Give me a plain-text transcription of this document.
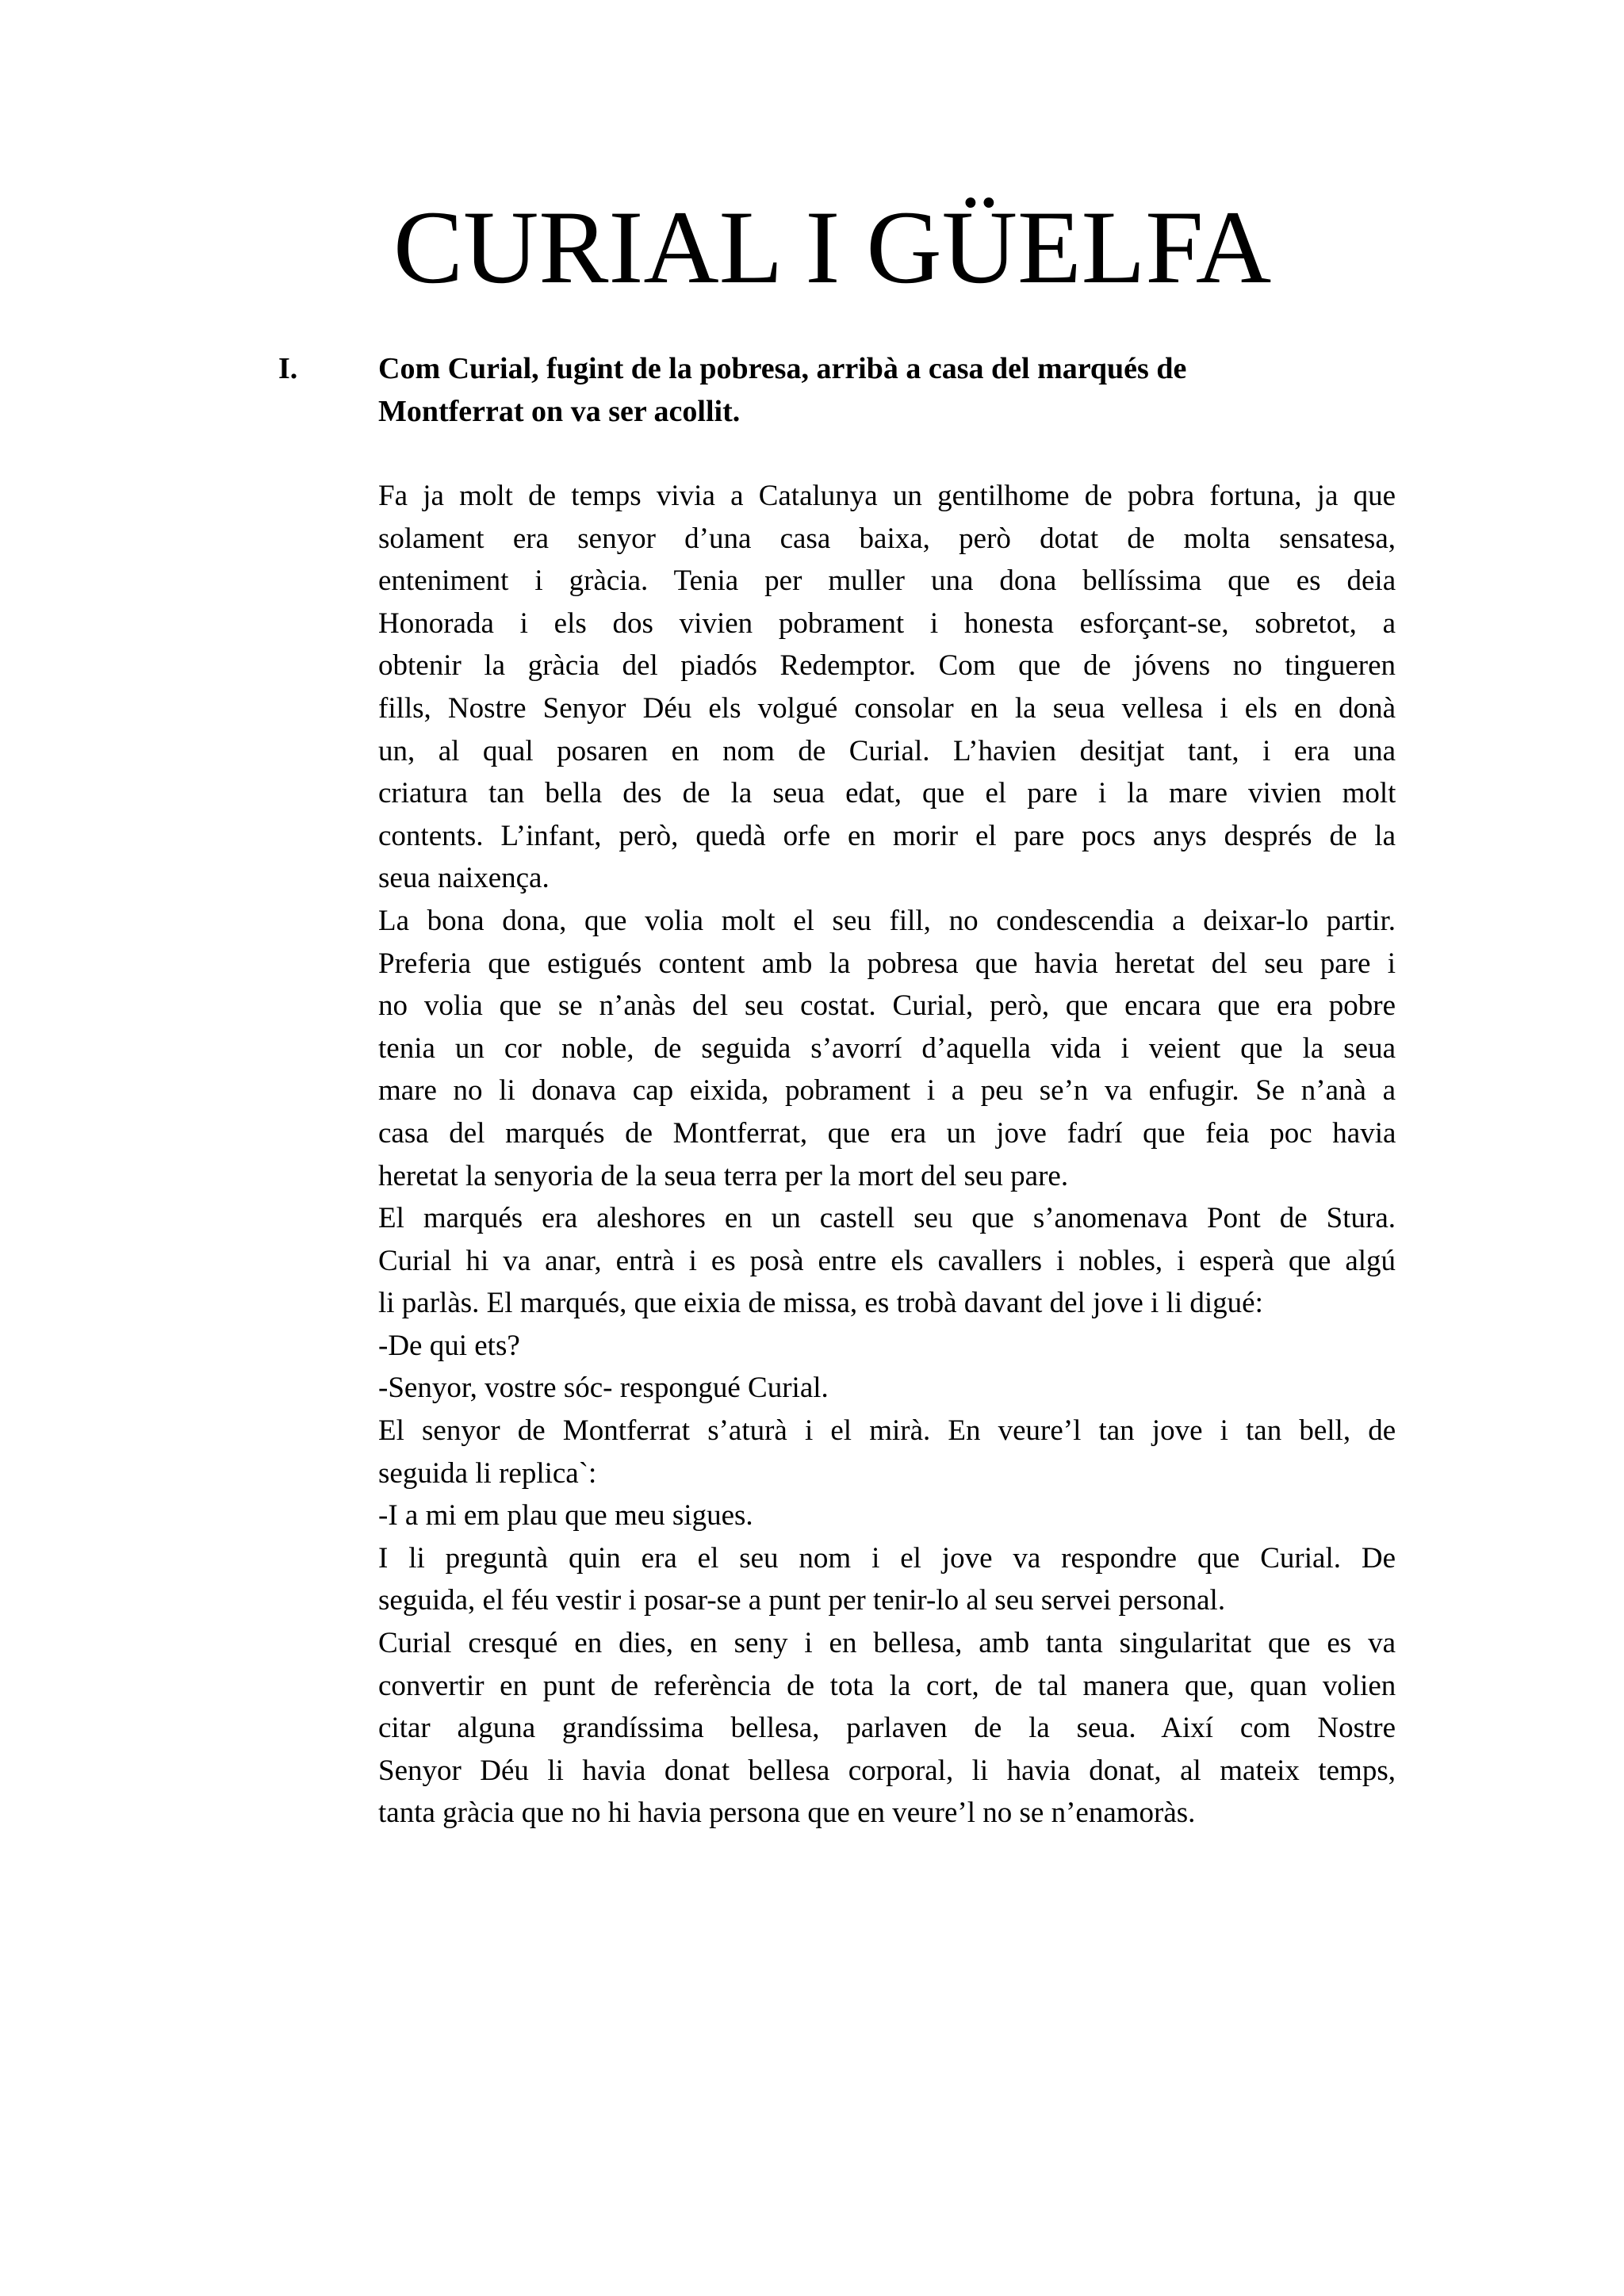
CURIAL I GÜELFA
I.	Com Curial, fugint de la pobresa, arribà a casa del marqués de
Montferrat on va ser acollit.
Fa ja molt de temps vivia a Catalunya un gentilhome de pobra fortuna, ja que
solament era senyor d’una casa baixa, però dotat de molta sensatesa,
enteniment i gràcia. Tenia per muller una dona bellíssima que es deia
Honorada i els dos vivien pobrament i honesta esforçant-se, sobretot, a
obtenir la gràcia del piadós Redemptor. Com que de jóvens no tingueren
fills, Nostre Senyor Déu els volgué consolar en la seua vellesa i els en donà
un, al qual posaren en nom de Curial. L’havien desitjat tant, i era una
criatura tan bella des de la seua edat, que el pare i la mare vivien molt
contents. L’infant, però, quedà orfe en morir el pare pocs anys després de la
seua naixença.
La bona dona, que volia molt el seu fill, no condescendia a deixar-lo partir.
Preferia que estigués content amb la pobresa que havia heretat del seu pare i
no volia que se n’anàs del seu costat. Curial, però, que encara que era pobre
tenia un cor noble, de seguida s’avorrí d’aquella vida i veient que la seua
mare no li donava cap eixida, pobrament i a peu se’n va enfugir. Se n’anà a
casa del marqués de Montferrat, que era un jove fadrí que feia poc havia
heretat la senyoria de la seua terra per la mort del seu pare.
El marqués era aleshores en un castell seu que s’anomenava Pont de Stura.
Curial hi va anar, entrà i es posà entre els cavallers i nobles, i esperà que algú
li parlàs. El marqués, que eixia de missa, es trobà davant del jove i li digué:
-De qui ets?
-Senyor, vostre sóc- respongué Curial.
El senyor de Montferrat s’aturà i el mirà. En veure’l tan jove i tan bell, de
seguida li replica`:
-I a mi em plau que meu sigues.
I li preguntà quin era el seu nom i el jove va respondre que Curial. De
seguida, el féu vestir i posar-se a punt per tenir-lo al seu servei personal.
Curial cresqué en dies, en seny i en bellesa, amb tanta singularitat que es va
convertir en punt de referència de tota la cort, de tal manera que, quan volien
citar alguna grandíssima bellesa, parlaven de la seua. Així com Nostre
Senyor Déu li havia donat bellesa corporal, li havia donat, al mateix temps,
tanta gràcia que no hi havia persona que en veure’l no se n’enamoràs.
